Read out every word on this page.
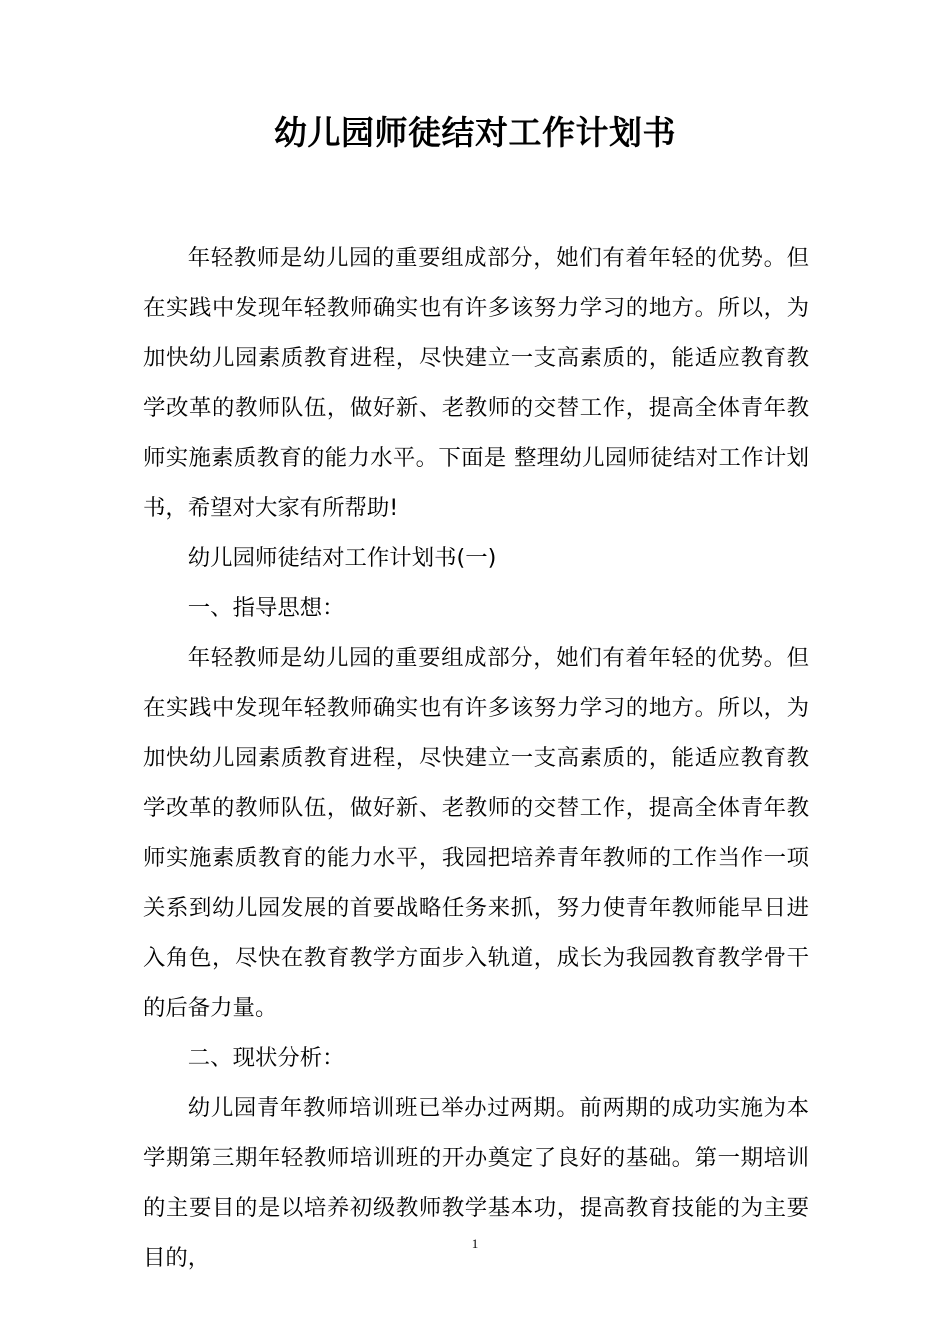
幼儿园师徒结对工作计划书

年轻教师是幼儿园的重要组成部分，她们有着年轻的优势。但在实践中发现年轻教师确实也有许多该努力学习的地方。所以，为加快幼儿园素质教育进程，尽快建立一支高素质的，能适应教育教学改革的教师队伍，做好新、老教师的交替工作，提高全体青年教师实施素质教育的能力水平。下面是 整理幼儿园师徒结对工作计划书，希望对大家有所帮助!

幼儿园师徒结对工作计划书(一)

一、指导思想：

年轻教师是幼儿园的重要组成部分，她们有着年轻的优势。但在实践中发现年轻教师确实也有许多该努力学习的地方。所以，为加快幼儿园素质教育进程，尽快建立一支高素质的，能适应教育教学改革的教师队伍，做好新、老教师的交替工作，提高全体青年教师实施素质教育的能力水平，我园把培养青年教师的工作当作一项关系到幼儿园发展的首要战略任务来抓，努力使青年教师能早日进入角色，尽快在教育教学方面步入轨道，成长为我园教育教学骨干的后备力量。

二、现状分析：

幼儿园青年教师培训班已举办过两期。前两期的成功实施为本学期第三期年轻教师培训班的开办奠定了良好的基础。第一期培训的主要目的是以培养初级教师教学基本功，提高教育技能的为主要目的，

1
